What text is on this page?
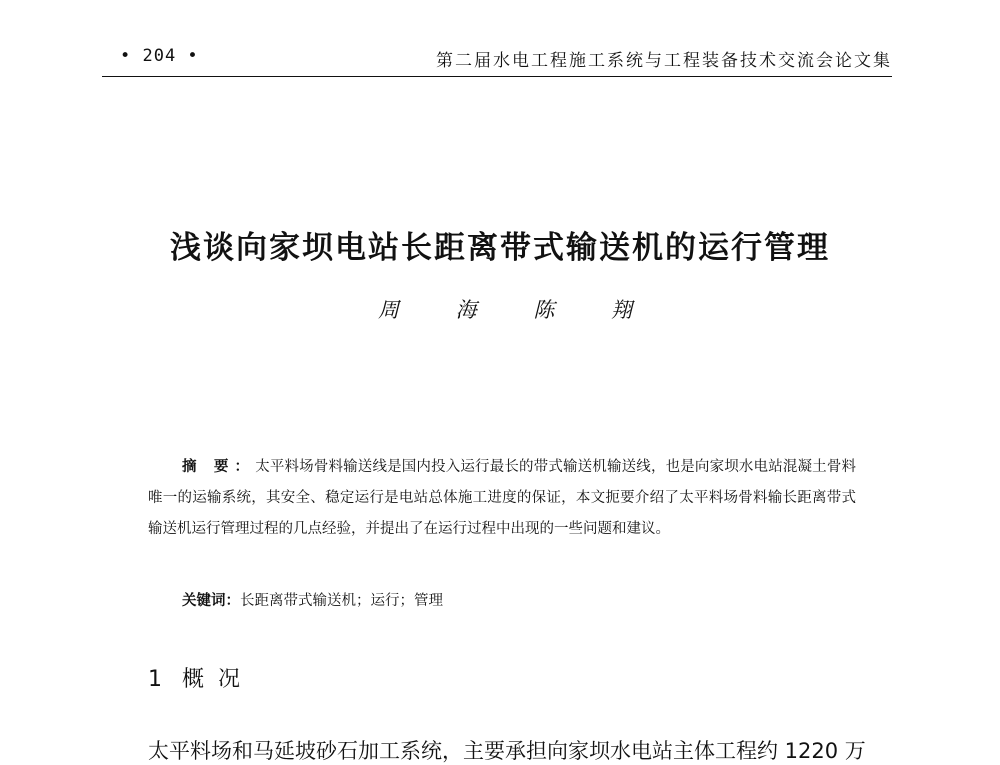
• 204 •	第二届水电工程施工系统与工程装备技术交流会论文集
浅谈向家坝电站长距离带式输送机的运行管理
周 海 陈 翔

摘 要：太平料场骨料输送线是国内投入运行最长的带式输送机输送线，也是向家坝水电站混凝土骨料唯一的运输系统，其安全、稳定运行是电站总体施工进度的保证，本文扼要介绍了太平料场骨料输长距离带式输送机运行管理过程的几点经验，并提出了在运行过程中出现的一些问题和建议。

关键词：长距离带式输送机；运行；管理
1 概况
太平料场和马延坡砂石加工系统，主要承担向家坝水电站主体工程约 1220 万
